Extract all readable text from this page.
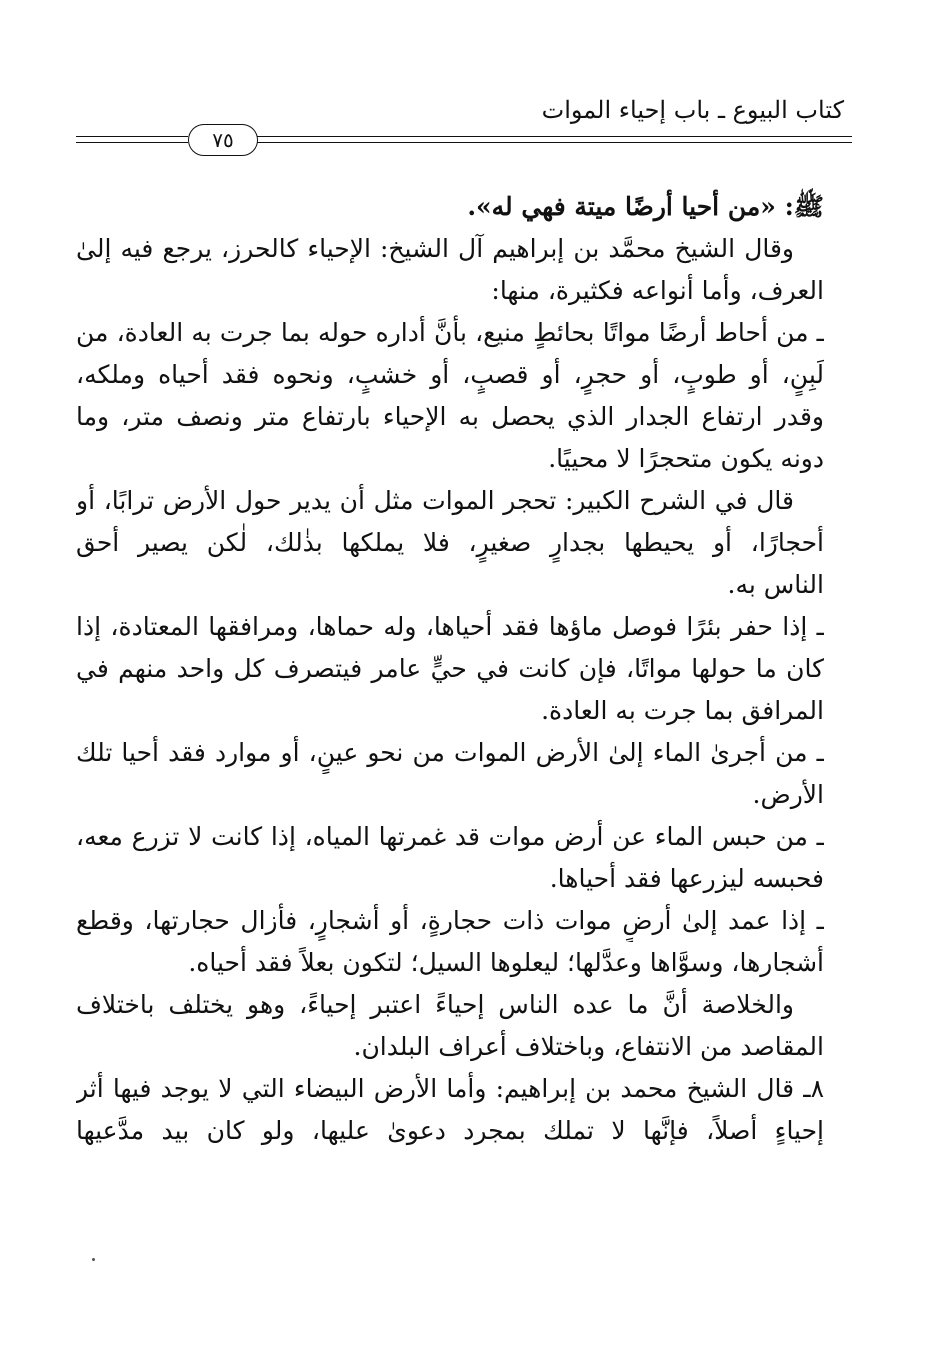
كتاب البيوع ـ باب إحياء الموات
٧٥
ﷺ: «من أحيا أرضًا ميتة فهي له».
وقال الشيخ محمَّد بن إبراهيم آل الشيخ: الإحياء كالحرز، يرجع فيه إلىٰ
العرف، وأما أنواعه فكثيرة، منها:
ـ من أحاط أرضًا مواتًا بحائطٍ منيع، بأنَّ أداره حوله بما جرت به العادة، من
لَبِنٍ، أو طوبٍ، أو حجرٍ، أو قصبٍ، أو خشبٍ، ونحوه فقد أحياه وملكه،
وقدر ارتفاع الجدار الذي يحصل به الإحياء بارتفاع متر ونصف متر، وما
دونه يكون متحجرًا لا محييًا.
قال في الشرح الكبير: تحجر الموات مثل أن يدير حول الأرض ترابًا، أو
أحجارًا، أو يحيطها بجدارٍ صغيرٍ، فلا يملكها بذٰلك، لٰكن يصير أحق
الناس به.
ـ إذا حفر بئرًا فوصل ماؤها فقد أحياها، وله حماها، ومرافقها المعتادة، إذا
كان ما حولها مواتًا، فإن كانت في حيٍّ عامر فيتصرف كل واحد منهم في
المرافق بما جرت به العادة.
ـ من أجرىٰ الماء إلىٰ الأرض الموات من نحو عينٍ، أو موارد فقد أحيا تلك
الأرض.
ـ من حبس الماء عن أرض موات قد غمرتها المياه، إذا كانت لا تزرع معه،
فحبسه ليزرعها فقد أحياها.
ـ إذا عمد إلىٰ أرضٍ موات ذات حجارةٍ، أو أشجارٍ، فأزال حجارتها، وقطع
أشجارها، وسوَّاها وعدَّلها؛ ليعلوها السيل؛ لتكون بعلاً فقد أحياه.
والخلاصة أنَّ ما عده الناس إحياءً اعتبر إحياءً، وهو يختلف باختلاف
المقاصد من الانتفاع، وباختلاف أعراف البلدان.
٨ـ قال الشيخ محمد بن إبراهيم: وأما الأرض البيضاء التي لا يوجد فيها أثر
إحياءٍ أصلاً، فإنَّها لا تملك بمجرد دعوىٰ عليها، ولو كان بيد مدَّعيها
